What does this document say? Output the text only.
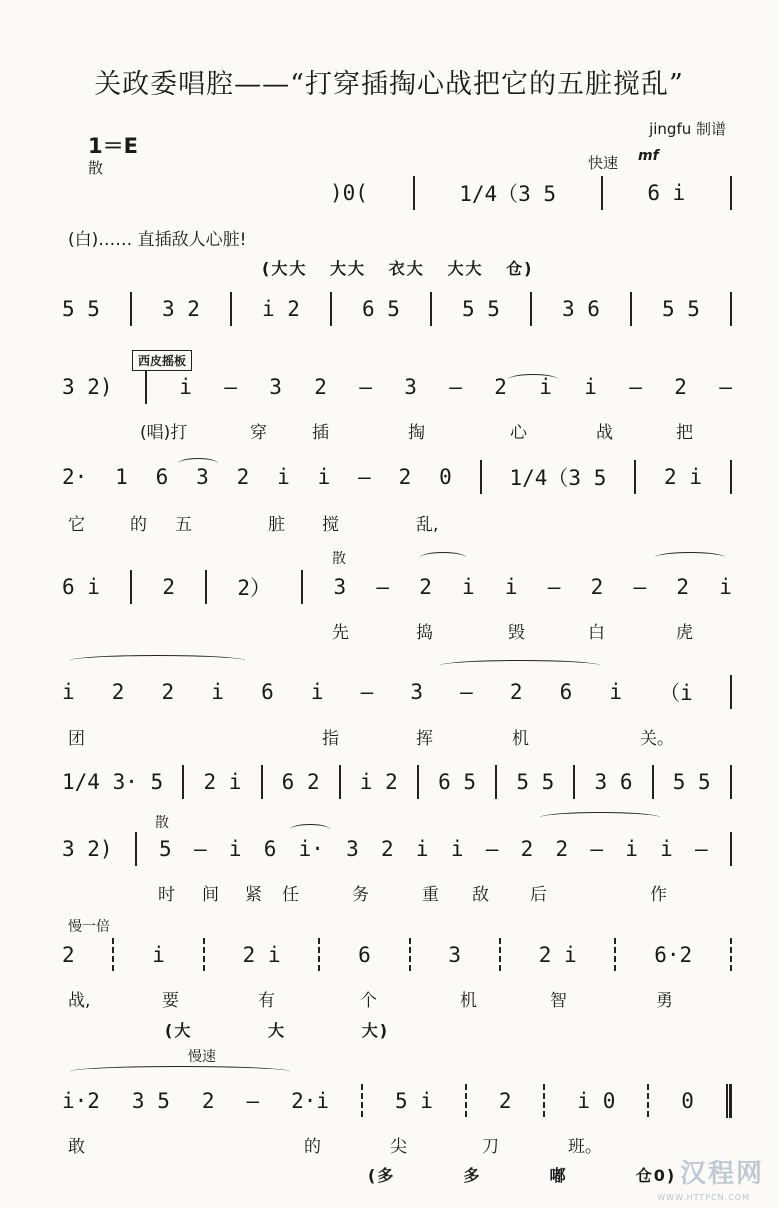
关政委唱腔——“打穿插掏心战把它的五脏搅乱”
jingfu 制谱
1＝E
散	快速 mf
)0(	1/4（3 5	6 i
(白)…… 直插敌人心脏!
(大大   大大   衣大   大大   仓)
5 5	3 2	i 2	6 5	5 5	3 6	5 5
西皮摇板
3 2)	i — 3 2 — 3 — 2 i i — 2 —
2· 1 6 3 2 i i — 2 0	1/4（3 5	2 i
散
6 i	2	2）	3 — 2 i i — 2 — 2 i
i 2 2 i 6 i — 3 — 2 6 i （i
1/4 3· 5 2 i 6 2 i 2 6 5 5 5 3 6 5 5
散
3 2) 5 — i 6 i· 3 2 i i — 2 2 — i i —
慢一倍
2	i	2 i	6	3	2 i	6·2
(大          大          大)
慢速
i·2 3 5 2 — 2·i	5 i	2	i 0	0
(多         多         嘟         仓0) 汉程网
WWW.HTTPCN.COM
(唱)打	穿	插	掏	心	战	把
它	的 五	脏 搅	乱,
先	捣	毁	白	虎
团	指	挥	机	关。
时 间 紧 任	务	重 敌 后	作
战,	要	有	个	机	智	勇
敢	的	尖	刀	班。
